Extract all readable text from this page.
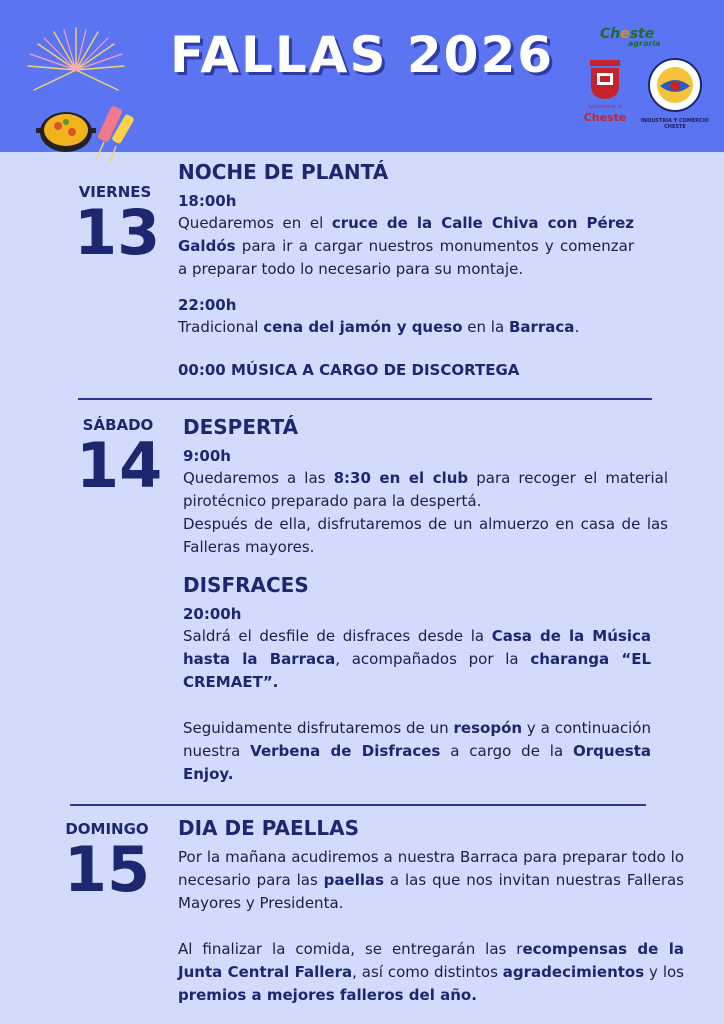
FALLAS 2026	Cheste
agraria
Ayuntamiento de
Cheste	INDUSTRIA Y COMERCIO
CHESTE
VIERNES
13

NOCHE DE PLANTÁ

18:00h

Quedaremos en el cruce de la Calle Chiva con Pérez Galdós para ir a cargar nuestros monumentos y comenzar a preparar todo lo necesario para su montaje.

22:00h

Tradicional cena del jamón y queso en la Barraca.

00:00 MÚSICA A CARGO DE DISCORTEGA

SÁBADO
14

DESPERTÁ

9:00h

Quedaremos a las 8:30 en el club para recoger el material pirotécnico preparado para la despertá.

Después de ella, disfrutaremos de un almuerzo en casa de las Falleras mayores.

DISFRACES

20:00h

Saldrá el desfile de disfraces desde la Casa de la Música hasta la Barraca, acompañados por la charanga “EL CREMAET”.

Seguidamente disfrutaremos de un resopón y a continuación nuestra Verbena de Disfraces a cargo de la Orquesta Enjoy.

DOMINGO
15

DIA DE PAELLAS

Por la mañana acudiremos a nuestra Barraca para preparar todo lo necesario para las paellas a las que nos invitan nuestras Falleras Mayores y Presidenta.

Al finalizar la comida, se entregarán las recompensas de la Junta Central Fallera, así como distintos agradecimientos y los premios a mejores falleros del año.
